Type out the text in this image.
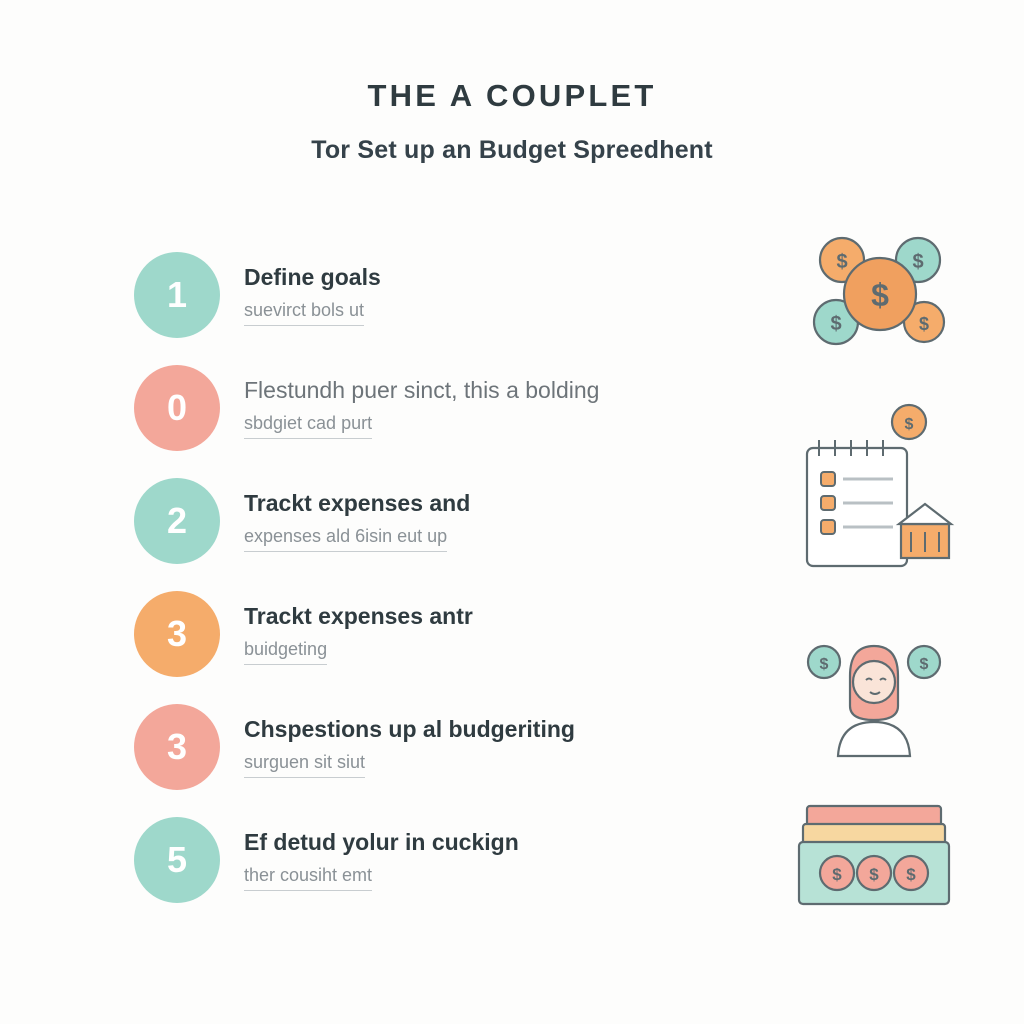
THE A COUPLET
Tor Set up an Budget Spreedhent
1	Define goals
suevirct bols ut
0	Flestundh puer sinct, this a bolding
sbdgiet cad purt
2	Trackt expenses and
expenses ald 6isin eut up
3	Trackt expenses antr
buidgeting
3	Chspestions up al budgeriting
surguen sit siut
5	Ef detud yolur in cuckign
ther cousiht emt
$	$
$	$
$
$
$	$
$ $ $
